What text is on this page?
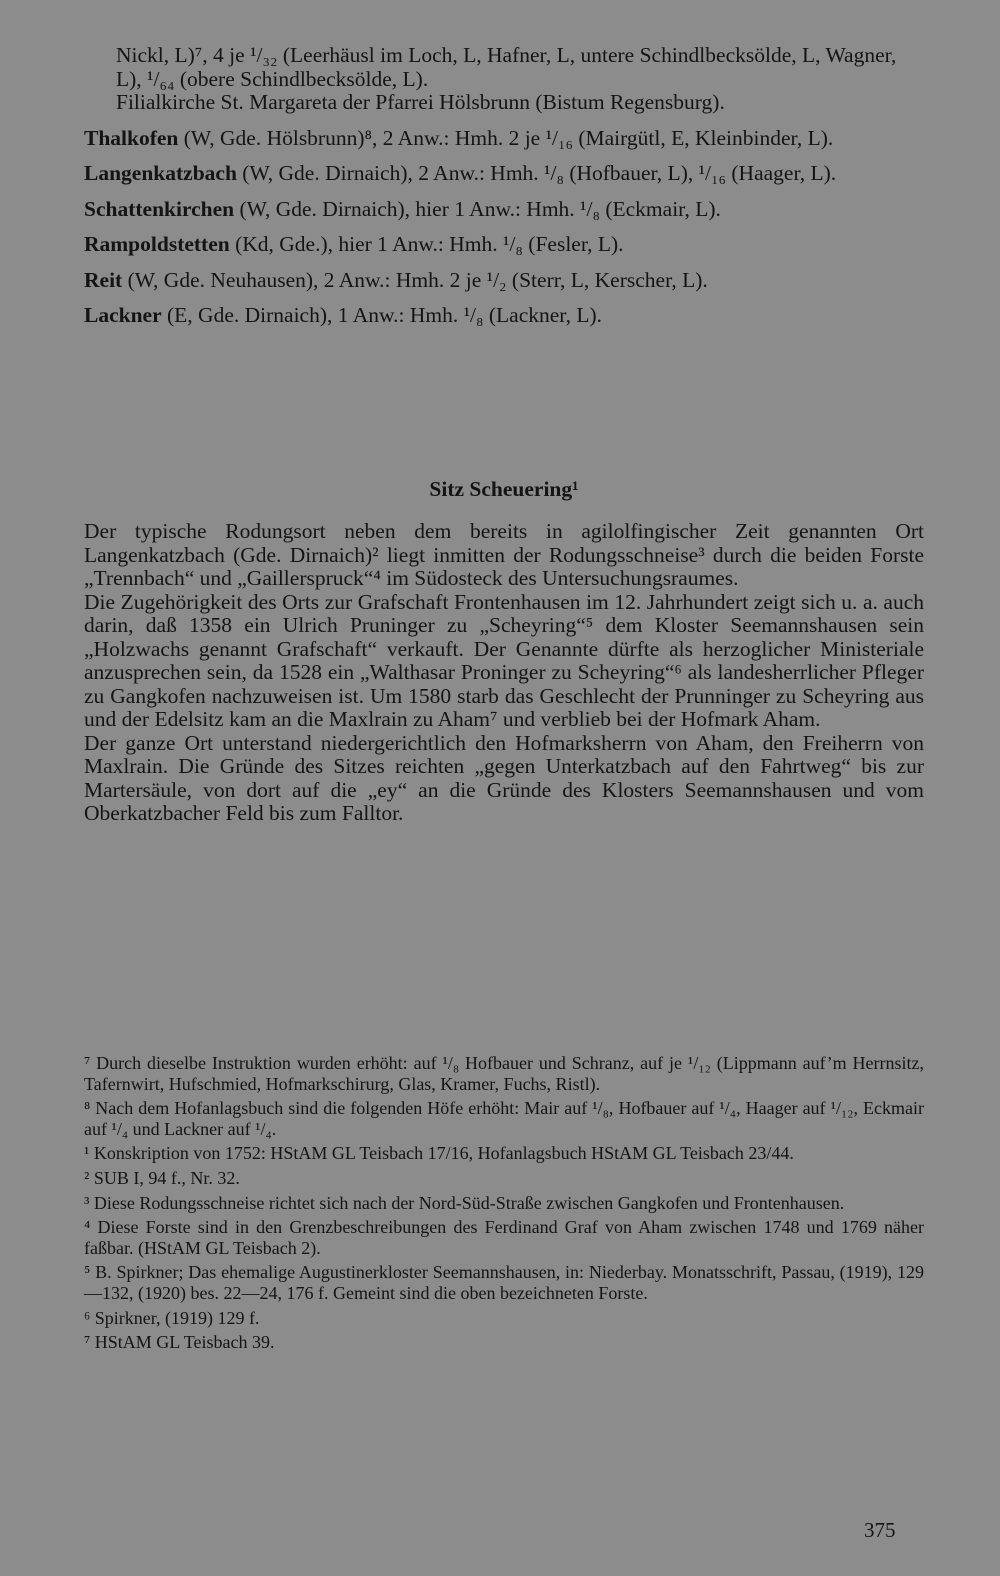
Nickl, L)⁷, 4 je ¹/₃₂ (Leerhäusl im Loch, L, Hafner, L, untere Schindlbecksölde, L, Wagner, L), ¹/₆₄ (obere Schindlbecksölde, L).

Filialkirche St. Margareta der Pfarrei Hölsbrunn (Bistum Regensburg).

Thalkofen (W, Gde. Hölsbrunn)⁸, 2 Anw.: Hmh. 2 je ¹/₁₆ (Mairgütl, E, Kleinbinder, L).

Langenkatzbach (W, Gde. Dirnaich), 2 Anw.: Hmh. ¹/₈ (Hofbauer, L), ¹/₁₆ (Haager, L).

Schattenkirchen (W, Gde. Dirnaich), hier 1 Anw.: Hmh. ¹/₈ (Eckmair, L).

Rampoldstetten (Kd, Gde.), hier 1 Anw.: Hmh. ¹/₈ (Fesler, L).

Reit (W, Gde. Neuhausen), 2 Anw.: Hmh. 2 je ¹/₂ (Sterr, L, Kerscher, L).

Lackner (E, Gde. Dirnaich), 1 Anw.: Hmh. ¹/₈ (Lackner, L).

Sitz Scheuering¹

Der typische Rodungsort neben dem bereits in agilolfingischer Zeit genannten Ort Langenkatzbach (Gde. Dirnaich)² liegt inmitten der Rodungsschneise³ durch die beiden Forste „Trennbach“ und „Gaillerspruck“⁴ im Südosteck des Untersuchungsraumes.

Die Zugehörigkeit des Orts zur Grafschaft Frontenhausen im 12. Jahrhundert zeigt sich u. a. auch darin, daß 1358 ein Ulrich Pruninger zu „Scheyring“⁵ dem Kloster Seemannshausen sein „Holzwachs genannt Grafschaft“ verkauft. Der Genannte dürfte als herzoglicher Ministeriale anzusprechen sein, da 1528 ein „Walthasar Proninger zu Scheyring“⁶ als landesherrlicher Pfleger zu Gangkofen nachzuweisen ist. Um 1580 starb das Geschlecht der Prunninger zu Scheyring aus und der Edelsitz kam an die Maxlrain zu Aham⁷ und verblieb bei der Hofmark Aham.

Der ganze Ort unterstand niedergerichtlich den Hofmarksherrn von Aham, den Freiherrn von Maxlrain. Die Gründe des Sitzes reichten „gegen Unterkatzbach auf den Fahrtweg“ bis zur Martersäule, von dort auf die „ey“ an die Gründe des Klosters Seemannshausen und vom Oberkatzbacher Feld bis zum Falltor.

⁷ Durch dieselbe Instruktion wurden erhöht: auf ¹/₈ Hofbauer und Schranz, auf je ¹/₁₂ (Lippmann auf’m Herrnsitz, Tafernwirt, Hufschmied, Hofmarkschirurg, Glas, Kramer, Fuchs, Ristl).

⁸ Nach dem Hofanlagsbuch sind die folgenden Höfe erhöht: Mair auf ¹/₈, Hofbauer auf ¹/₄, Haager auf ¹/₁₂, Eckmair auf ¹/₄ und Lackner auf ¹/₄.

¹ Konskription von 1752: HStAM GL Teisbach 17/16, Hofanlagsbuch HStAM GL Teisbach 23/44.

² SUB I, 94 f., Nr. 32.

³ Diese Rodungsschneise richtet sich nach der Nord-Süd-Straße zwischen Gangkofen und Frontenhausen.

⁴ Diese Forste sind in den Grenzbeschreibungen des Ferdinand Graf von Aham zwischen 1748 und 1769 näher faßbar. (HStAM GL Teisbach 2).

⁵ B. Spirkner; Das ehemalige Augustinerkloster Seemannshausen, in: Niederbay. Monatsschrift, Passau, (1919), 129—132, (1920) bes. 22—24, 176 f. Gemeint sind die oben bezeichneten Forste.

⁶ Spirkner, (1919) 129 f.

⁷ HStAM GL Teisbach 39.

375
